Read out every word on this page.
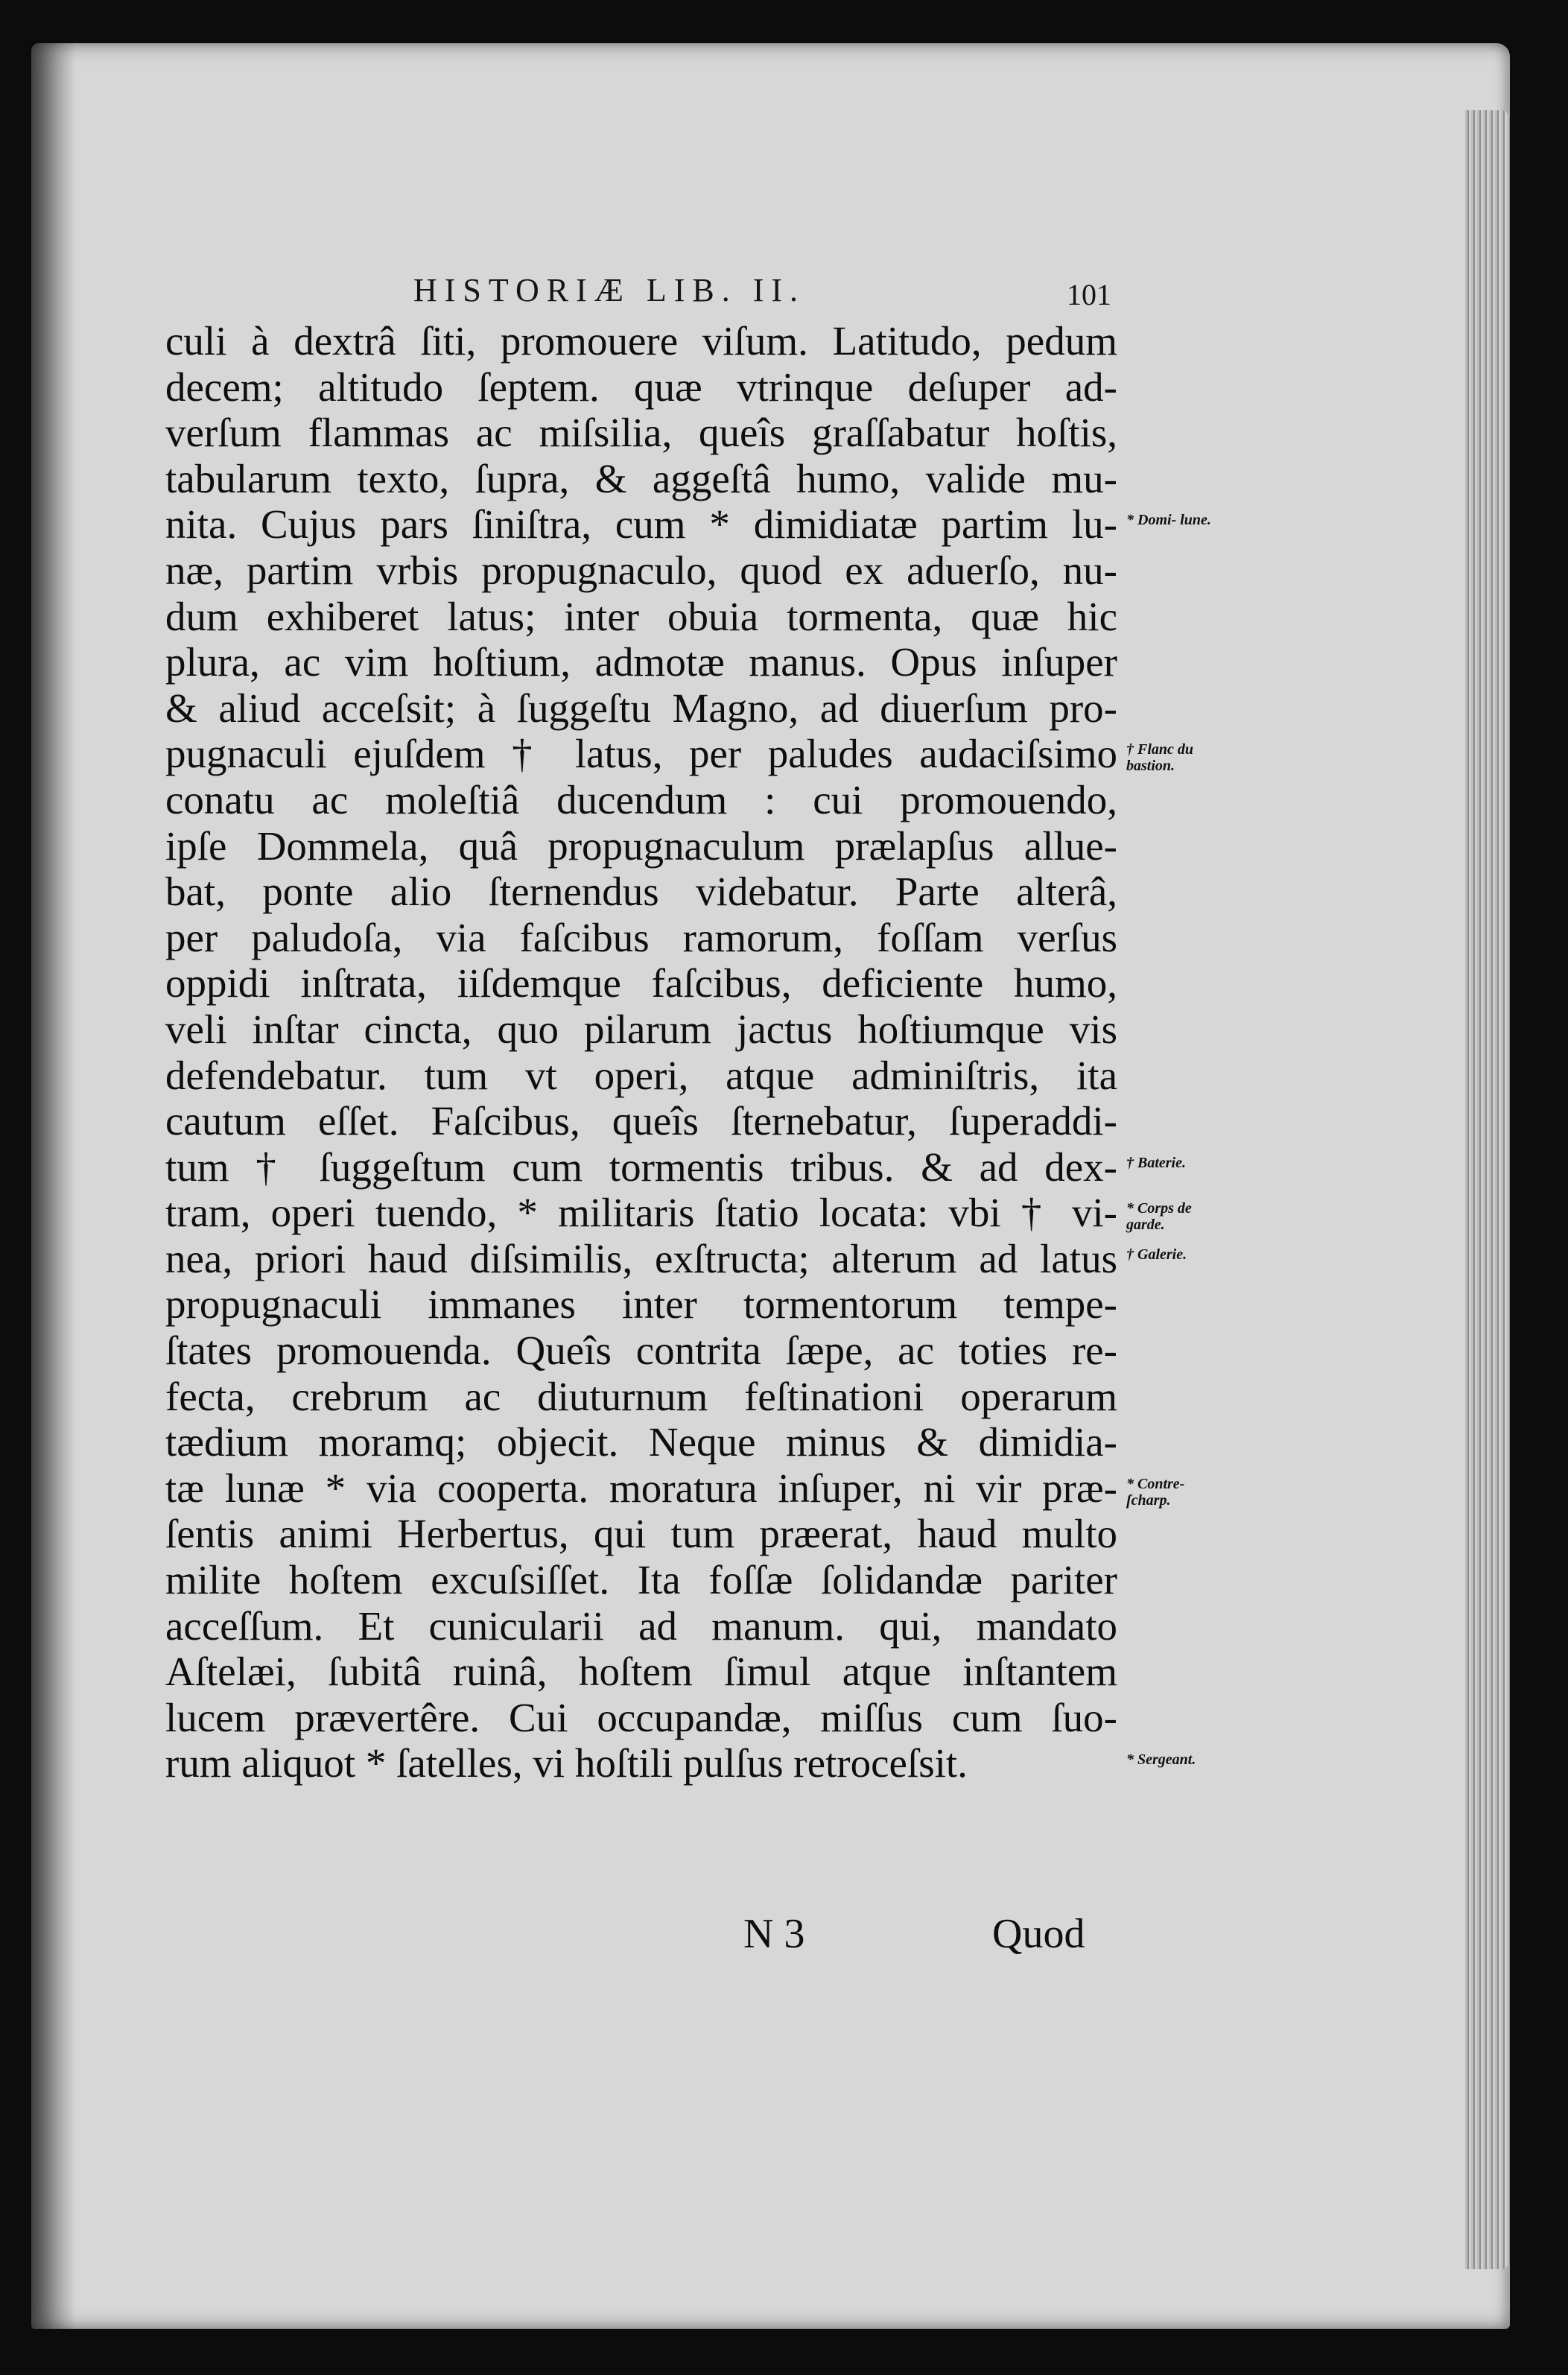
HISTORIÆ LIB. II.	101
culi à dextrâ ſiti, promouere viſum. Latitudo, pedum
decem; altitudo ſeptem. quæ vtrinque deſuper ad-
verſum flammas ac miſsilia, queîs graſſabatur hoſtis,
tabularum texto, ſupra, & aggeſtâ humo, valide mu-
nita. Cujus pars ſiniſtra, cum * dimidiatæ partim lu-
næ, partim vrbis propugnaculo, quod ex aduerſo, nu-
dum exhiberet latus; inter obuia tormenta, quæ hic
plura, ac vim hoſtium, admotæ manus. Opus inſuper
& aliud acceſsit; à ſuggeſtu Magno, ad diuerſum pro-
pugnaculi ejuſdem † latus, per paludes audaciſsimo
conatu ac moleſtiâ ducendum : cui promouendo,
ipſe Dommela, quâ propugnaculum prælapſus allue-
bat, ponte alio ſternendus videbatur. Parte alterâ,
per paludoſa, via faſcibus ramorum, foſſam verſus
oppidi inſtrata, iiſdemque faſcibus, deficiente humo,
veli inſtar cincta, quo pilarum jactus hoſtiumque vis
defendebatur. tum vt operi, atque adminiſtris, ita
cautum eſſet. Faſcibus, queîs ſternebatur, ſuperaddi-
tum † ſuggeſtum cum tormentis tribus. & ad dex-
tram, operi tuendo, * militaris ſtatio locata: vbi † vi-
nea, priori haud diſsimilis, exſtructa; alterum ad latus
propugnaculi immanes inter tormentorum tempe-
ſtates promouenda. Queîs contrita ſæpe, ac toties re-
fecta, crebrum ac diuturnum feſtinationi operarum
tædium moramq; objecit. Neque minus & dimidia-
tæ lunæ * via cooperta. moratura inſuper, ni vir præ-
ſentis animi Herbertus, qui tum præerat, haud multo
milite hoſtem excuſsiſſet. Ita foſſæ ſolidandæ pariter
acceſſum. Et cunicularii ad manum. qui, mandato
Aſtelæi, ſubitâ ruinâ, hoſtem ſimul atque inſtantem
lucem prævertêre. Cui occupandæ, miſſus cum ſuo-
rum aliquot * ſatelles, vi hoſtili pulſus retroceſsit.
* Domi- lune.
† Flanc du bastion.
† Baterie.
* Corps de garde.
† Galerie.
* Contre- ſcharp.
* Sergeant.
N 3	Quod
